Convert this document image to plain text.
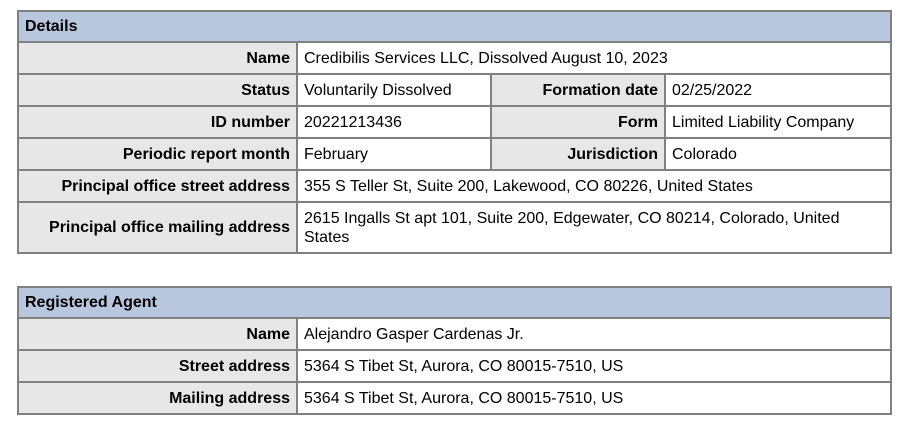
Details			
Name	Credibilis Services LLC, Dissolved August 10, 2023		
Status	Voluntarily Dissolved	Formation date	02/25/2022
ID number	20221213436	Form	Limited Liability Company
Periodic report month	February	Jurisdiction	Colorado
Principal office street address	355 S Teller St, Suite 200, Lakewood, CO 80226, United States		
Principal office mailing address	2615 Ingalls St apt 101, Suite 200, Edgewater, CO 80214, Colorado, United States		
Registered Agent	
Name	Alejandro Gasper Cardenas Jr.
Street address	5364 S Tibet St, Aurora, CO 80015-7510, US
Mailing address	5364 S Tibet St, Aurora, CO 80015-7510, US
